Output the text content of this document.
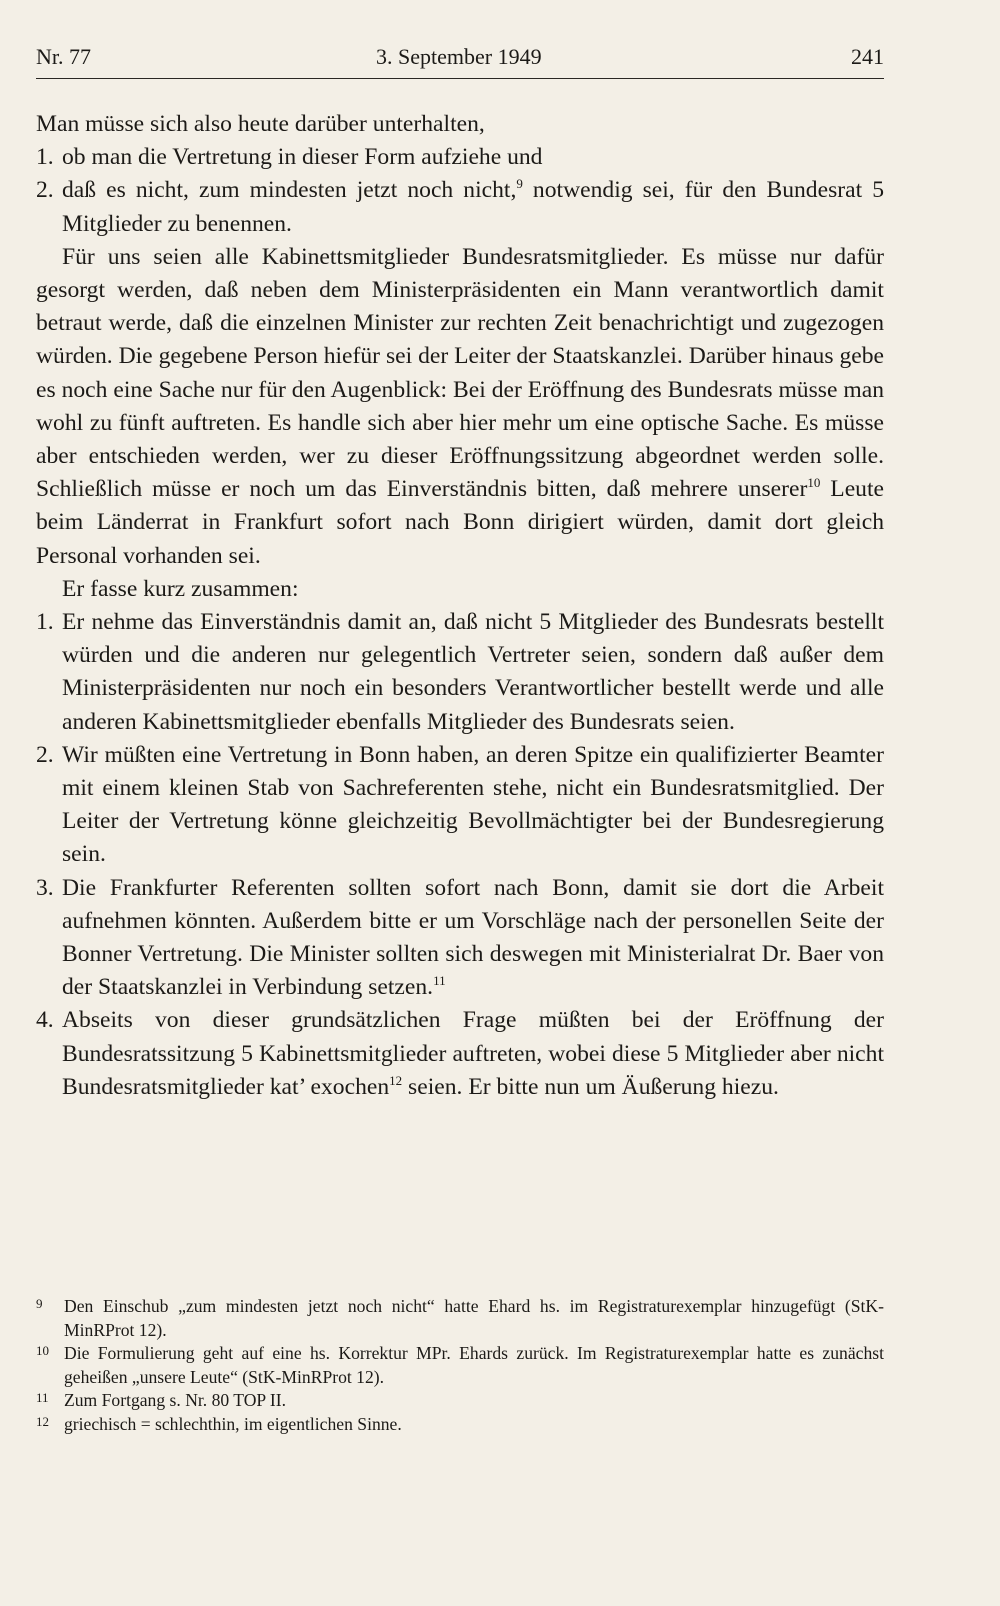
Nr. 77	3. September 1949	241

Man müsse sich also heute darüber unterhalten,

1. ob man die Vertretung in dieser Form aufziehe und
2. daß es nicht, zum mindesten jetzt noch nicht,$^9$ notwendig sei, für den Bundesrat 5 Mitglieder zu benennen.

Für uns seien alle Kabinettsmitglieder Bundesratsmitglieder. Es müsse nur dafür gesorgt werden, daß neben dem Ministerpräsidenten ein Mann verantwortlich damit betraut werde, daß die einzelnen Minister zur rechten Zeit benachrichtigt und zugezogen würden. Die gegebene Person hiefür sei der Leiter der Staatskanzlei. Darüber hinaus gebe es noch eine Sache nur für den Augenblick: Bei der Eröffnung des Bundesrats müsse man wohl zu fünft auftreten. Es handle sich aber hier mehr um eine optische Sache. Es müsse aber entschieden werden, wer zu dieser Eröffnungssitzung abgeordnet werden solle. Schließlich müsse er noch um das Einverständnis bitten, daß mehrere unserer$^{10}$ Leute beim Länderrat in Frankfurt sofort nach Bonn dirigiert würden, damit dort gleich Personal vorhanden sei.

Er fasse kurz zusammen:

1. Er nehme das Einverständnis damit an, daß nicht 5 Mitglieder des Bundesrats bestellt würden und die anderen nur gelegentlich Vertreter seien, sondern daß außer dem Ministerpräsidenten nur noch ein besonders Verantwortlicher bestellt werde und alle anderen Kabinettsmitglieder ebenfalls Mitglieder des Bundesrats seien.
2. Wir müßten eine Vertretung in Bonn haben, an deren Spitze ein qualifizierter Beamter mit einem kleinen Stab von Sachreferenten stehe, nicht ein Bundesratsmitglied. Der Leiter der Vertretung könne gleichzeitig Bevollmächtigter bei der Bundesregierung sein.
3. Die Frankfurter Referenten sollten sofort nach Bonn, damit sie dort die Arbeit aufnehmen könnten. Außerdem bitte er um Vorschläge nach der personellen Seite der Bonner Vertretung. Die Minister sollten sich deswegen mit Ministerialrat Dr. Baer von der Staatskanzlei in Verbindung setzen.$^{11}$
4. Abseits von dieser grundsätzlichen Frage müßten bei der Eröffnung der Bundesratssitzung 5 Kabinettsmitglieder auftreten, wobei diese 5 Mitglieder aber nicht Bundesratsmitglieder kat’ exochen$^{12}$ seien. Er bitte nun um Äußerung hiezu.
9	Den Einschub „zum mindesten jetzt noch nicht“ hatte Ehard hs. im Registraturexemplar hinzugefügt (StK-MinRProt 12).
10 Die Formulierung geht auf eine hs. Korrektur MPr. Ehards zurück. Im Registraturexemplar hatte es zunächst geheißen „unsere Leute“ (StK-MinRProt 12).
11 Zum Fortgang s. Nr. 80 TOP II.
12 griechisch = schlechthin, im eigentlichen Sinne.
